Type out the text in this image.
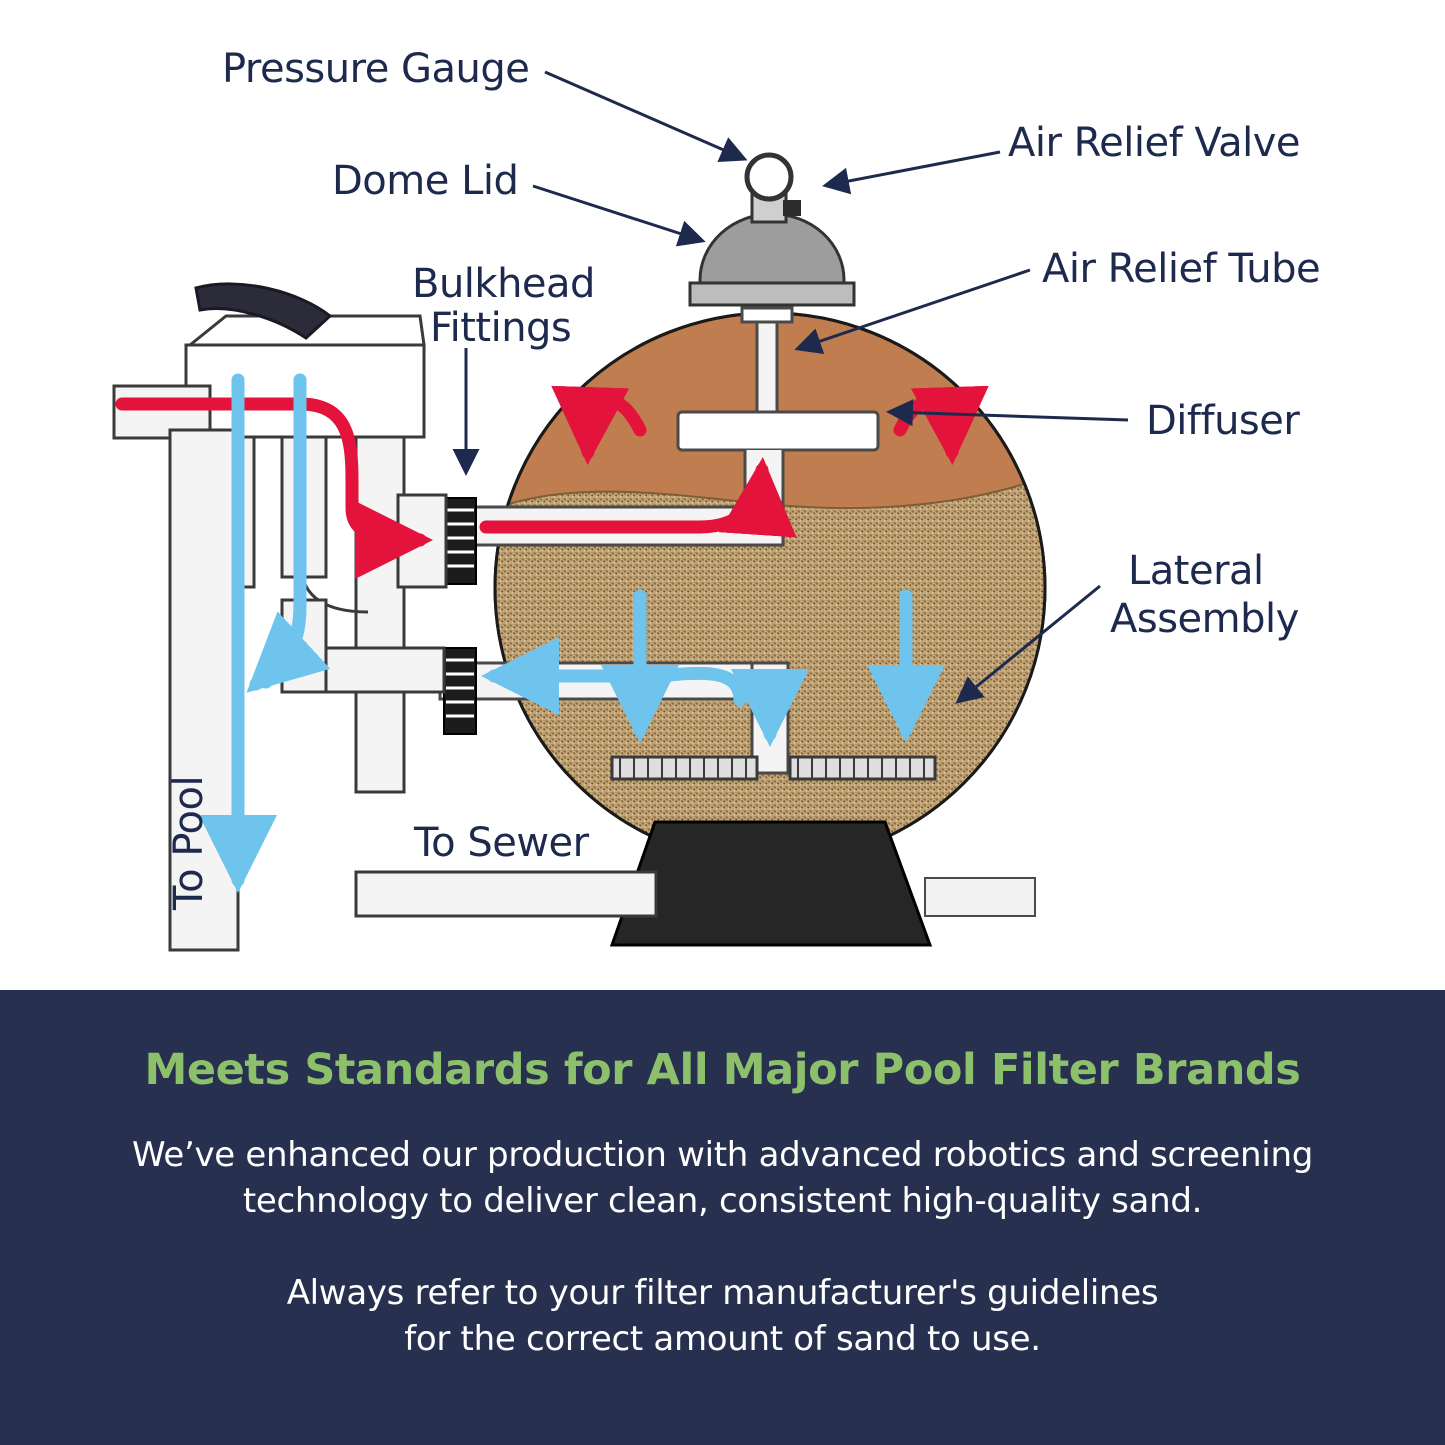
Pressure Gauge
Dome Lid
Bulkhead
Fittings
Air Relief Valve
Air Relief Tube
Diffuser
Lateral
Assembly
To Pool	To Sewer
Meets Standards for All Major Pool Filter Brands
We’ve enhanced our production with advanced robotics and screening technology to deliver clean, consistent high-quality sand.
Always refer to your filter manufacturer's guidelines
for the correct amount of sand to use.
